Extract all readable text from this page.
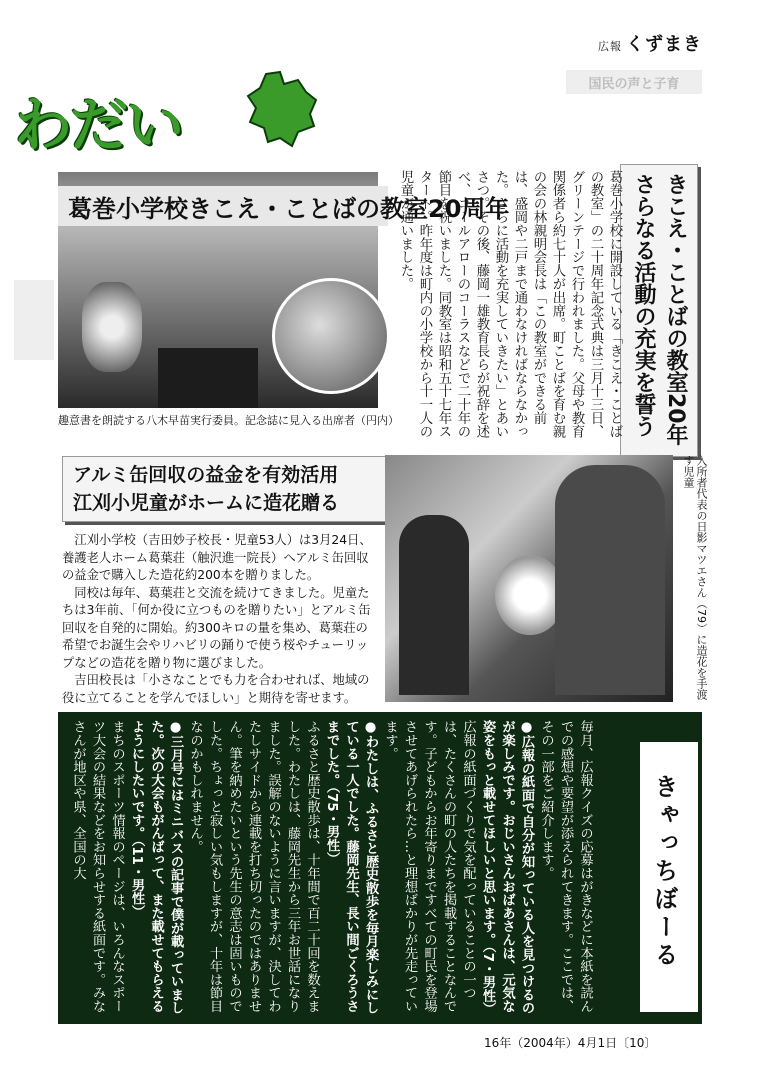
広報 くずまき
わだい
国民の声と子育
葛巻小学校きこえ・ことばの教室20周年
趣意書を朗読する八木早苗実行委員。記念誌に見入る出席者（円内）	きこえ・ことばの教室20年
さらなる活動の充実を誓う
葛巻小学校に開設している「きこえ・ことばの教室」の二十周年記念式典は三月十三日、グリーンテージで行われました。父母や教育関係者ら約七十人が出席。町ことばを育む親の会の林親明会長は「この教室ができる前は、盛岡や二戸まで通わなければならなかった。さらに活動を充実していきたい」とあいさつ。その後、藤岡一雄教育長らが祝辞を述べ、コールアローのコーラスなどで二十年の節目を祝いました。同教室は昭和五十七年スタート。昨年度は町内の小学校から十一人の児童が通いました。
アルミ缶回収の益金を有効活用
江刈小児童がホームに造花贈る

江刈小学校（吉田妙子校長・児童53人）は3月24日、養護老人ホーム葛葉荘（触沢進一院長）へアルミ缶回収の益金で購入した造花約200本を贈りました。

同校は毎年、葛葉荘と交流を続けてきました。児童たちは3年前、「何か役に立つものを贈りたい」とアルミ缶回収を自発的に開始。約300キロの量を集め、葛葉荘の希望でお誕生会やリハビリの踊りで使う桜やチューリップなどの造花を贈り物に選びました。

吉田校長は「小さなことでも力を合わせれば、地域の役に立てることを学んでほしい」と期待を寄せます。	入所者代表の日影マツエさん（79）に造花を手渡す児童
毎月、広報クイズの応募はがきなどに本紙を読んでの感想や要望が添えられてきます。ここでは、その一部をご紹介します。
●広報の紙面で自分が知っている人を見つけるのが楽しみです。おじいさんおばあさんは、元気な姿をもっと載せてほしいと思います。（7・男性）
広報の紙面づくりで気を配っていることの一つは、たくさんの町の人たちを掲載することなんです。子どもからお年寄りまですべての町民を登場させてあげられたら…と理想ばかりが先走っています。
●わたしは、ふるさと歴史散歩を毎月楽しみにしている一人でした。藤岡先生、長い間ごくろうさまでした。（75・男性）
ふるさと歴史散歩は、十年間で百二十回を数えました。わたしは、藤岡先生から三年お世話になりました。誤解のないように言いますが、決してわたしサイドから連載を打ち切ったのではありません。筆を納めたいという先生の意志は固いものでした。ちょっと寂しい気もしますが、十年は節目なのかもしれません。
●三月号にはミニバスの記事で僕が載っていました。次の大会もがんばって、また載せてもらえるようにしたいです。（11・男性）
まちのスポーツ情報のページは、いろんなスポーツ大会の結果などをお知らせする紙面です。みなさんが地区や県、全国の大	きゃっちぼーる
16年（2004年）4月1日〔10〕
